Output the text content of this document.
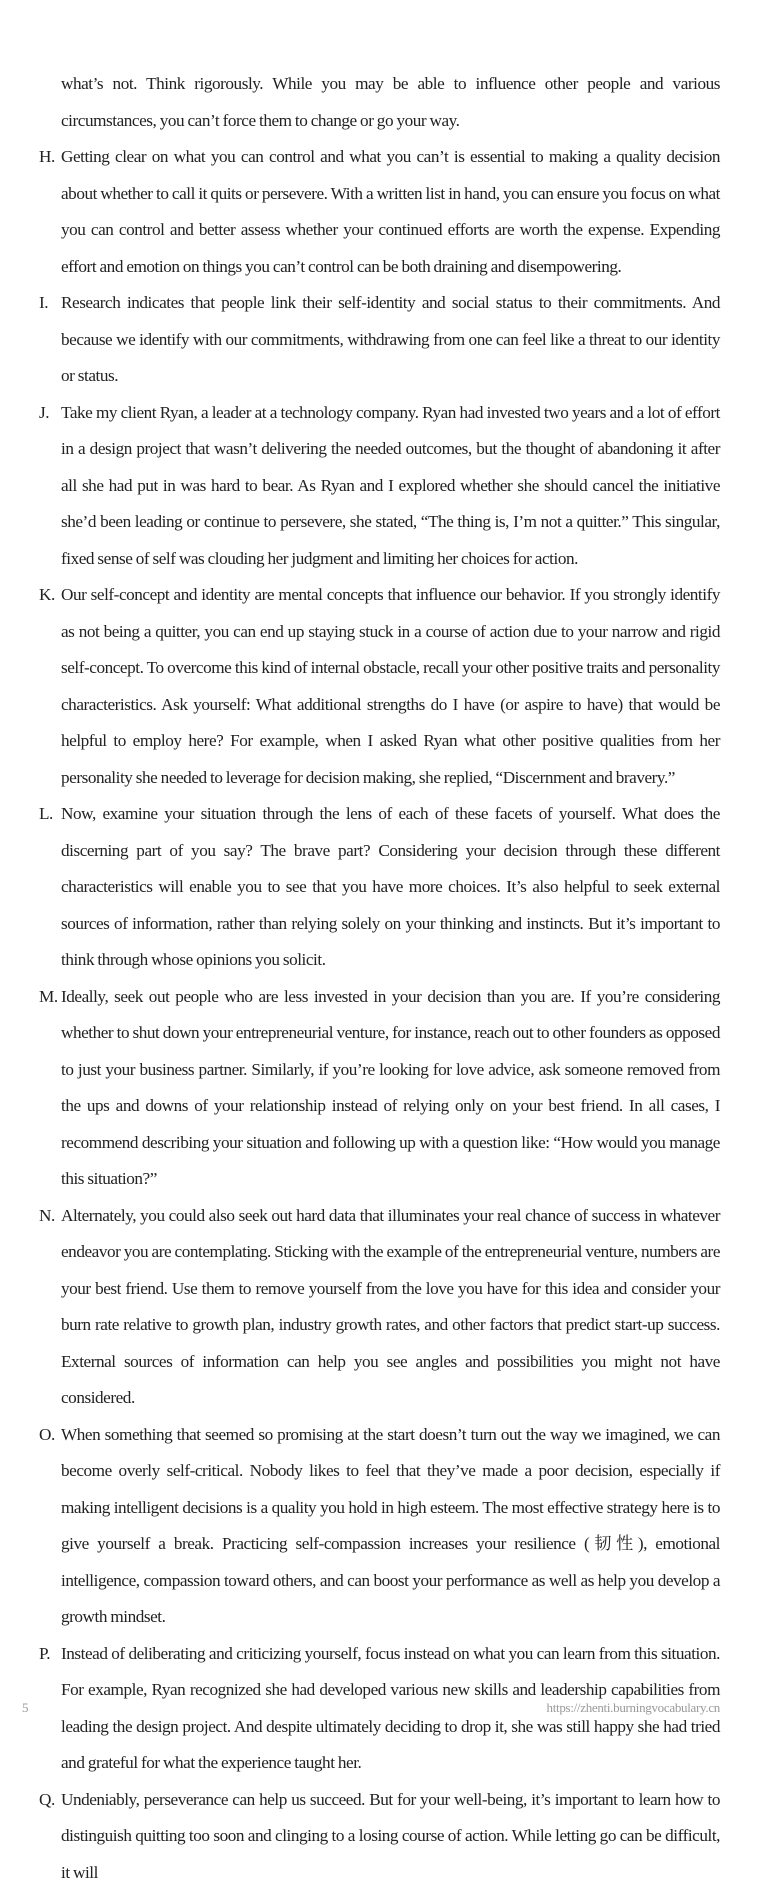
what’s not. Think rigorously. While you may be able to influence other people and various circumstances, you can’t force them to change or go your way.
H. Getting clear on what you can control and what you can’t is essential to making a quality decision about whether to call it quits or persevere. With a written list in hand, you can ensure you focus on what you can control and better assess whether your continued efforts are worth the expense. Expending effort and emotion on things you can’t control can be both draining and disempowering.
I. Research indicates that people link their self-identity and social status to their commitments. And because we identify with our commitments, withdrawing from one can feel like a threat to our identity or status.
J. Take my client Ryan, a leader at a technology company. Ryan had invested two years and a lot of effort in a design project that wasn’t delivering the needed outcomes, but the thought of abandoning it after all she had put in was hard to bear. As Ryan and I explored whether she should cancel the initiative she’d been leading or continue to persevere, she stated, “The thing is, I’m not a quitter.” This singular, fixed sense of self was clouding her judgment and limiting her choices for action.
K. Our self-concept and identity are mental concepts that influence our behavior. If you strongly identify as not being a quitter, you can end up staying stuck in a course of action due to your narrow and rigid self-concept. To overcome this kind of internal obstacle, recall your other positive traits and personality characteristics. Ask yourself: What additional strengths do I have (or aspire to have) that would be helpful to employ here? For example, when I asked Ryan what other positive qualities from her personality she needed to leverage for decision making, she replied, “Discernment and bravery.”
L. Now, examine your situation through the lens of each of these facets of yourself. What does the discerning part of you say? The brave part? Considering your decision through these different characteristics will enable you to see that you have more choices. It’s also helpful to seek external sources of information, rather than relying solely on your thinking and instincts. But it’s important to think through whose opinions you solicit.
M. Ideally, seek out people who are less invested in your decision than you are. If you’re considering whether to shut down your entrepreneurial venture, for instance, reach out to other founders as opposed to just your business partner. Similarly, if you’re looking for love advice, ask someone removed from the ups and downs of your relationship instead of relying only on your best friend. In all cases, I recommend describing your situation and following up with a question like: “How would you manage this situation?”
N. Alternately, you could also seek out hard data that illuminates your real chance of success in whatever endeavor you are contemplating. Sticking with the example of the entrepreneurial venture, numbers are your best friend. Use them to remove yourself from the love you have for this idea and consider your burn rate relative to growth plan, industry growth rates, and other factors that predict start-up success. External sources of information can help you see angles and possibilities you might not have considered.
O. When something that seemed so promising at the start doesn’t turn out the way we imagined, we can become overly self-critical. Nobody likes to feel that they’ve made a poor decision, especially if making intelligent decisions is a quality you hold in high esteem. The most effective strategy here is to give yourself a break. Practicing self-compassion increases your resilience (韧性), emotional intelligence, compassion toward others, and can boost your performance as well as help you develop a growth mindset.
P. Instead of deliberating and criticizing yourself, focus instead on what you can learn from this situation. For example, Ryan recognized she had developed various new skills and leadership capabilities from leading the design project. And despite ultimately deciding to drop it, she was still happy she had tried and grateful for what the experience taught her.
Q. Undeniably, perseverance can help us succeed. But for your well-being, it’s important to learn how to distinguish quitting too soon and clinging to a losing course of action. While letting go can be difficult, it will
5	https://zhenti.burningvocabulary.cn
